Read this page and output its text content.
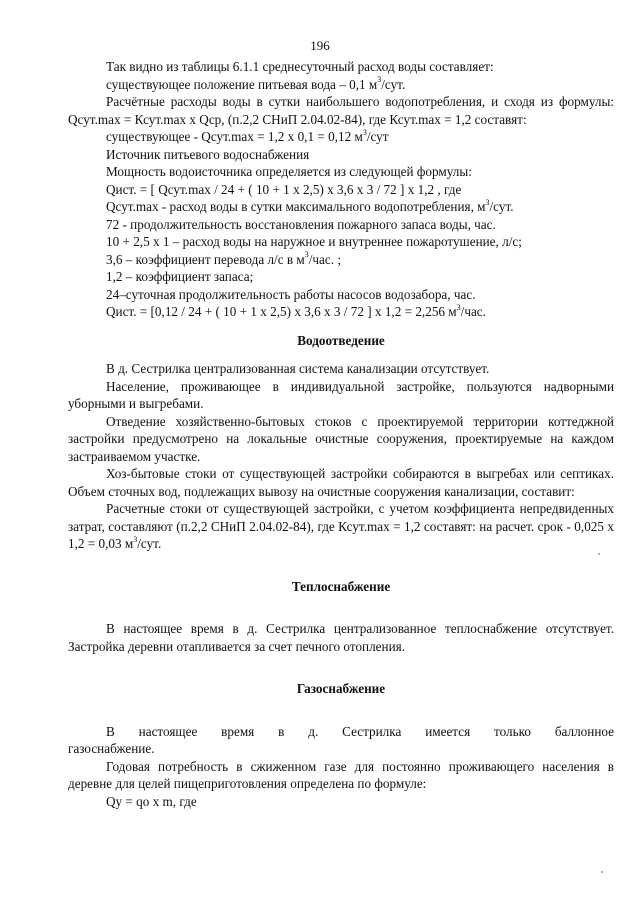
196
Так видно из таблицы 6.1.1 среднесуточный расход воды составляет:
существующее положение питьевая вода – 0,1 $м^3$/сут.
Расчётные расходы воды в сутки наибольшего водопотребления, и сходя из формулы: Qсут.max = Ксут.max х Qср, (п.2,2 СНиП 2.04.02-84), где Ксут.max = 1,2 составят:
существующее - Qсут.max = 1,2 х 0,1 = 0,12 $м^3$/сут
Источник питьевого водоснабжения
Мощность водоисточника определяется из следующей формулы:
Qист. = [ Qсут.max / 24 + ( 10 + 1 х 2,5) х 3,6 х 3 / 72 ] х 1,2 , где
Qсут.max - расход воды в сутки максимального водопотребления, $м^3$/сут.
72 - продолжительность восстановления пожарного запаса воды, час.
10 + 2,5 х 1 – расход воды на наружное и внутреннее пожаротушение, л/с;
3,6 – коэффициент перевода л/с в $м^3$/час. ;
1,2 – коэффициент запаса;
24–суточная продолжительность работы насосов водозабора, час.
Qист. = [0,12 / 24 + ( 10 + 1 х 2,5) х 3,6 х 3 / 72 ] х 1,2 = 2,256 $м^3$/час.
Водоотведение
В д. Сестрилка централизованная система канализации отсутствует.
Население, проживающее в индивидуальной застройке, пользуются надворными уборными и выгребами.
Отведение хозяйственно-бытовых стоков с проектируемой территории коттеджной застройки предусмотрено на локальные очистные сооружения, проектируемые на каждом застраиваемом участке.
Хоз-бытовые стоки от существующей застройки собираются в выгребах или септиках. Объем сточных вод, подлежащих вывозу на очистные сооружения канализации, составит:
Расчетные стоки от существующей застройки, с учетом коэффициента непредвиденных затрат, составляют (п.2,2 СНиП 2.04.02-84), где Ксут.max = 1,2 составят: на расчет. срок - 0,025 х 1,2 = 0,03 $м^3$/сут.
Теплоснабжение
В настоящее время в д. Сестрилка централизованное теплоснабжение отсутствует. Застройка деревни отапливается за счет печного отопления.
Газоснабжение
В настоящее время в д. Сестрилка имеется только баллонное
газоснабжение.
Годовая потребность в сжиженном газе для постоянно проживающего населения в деревне для целей пищеприготовления определена по формуле:
Qу = qo х m, где
